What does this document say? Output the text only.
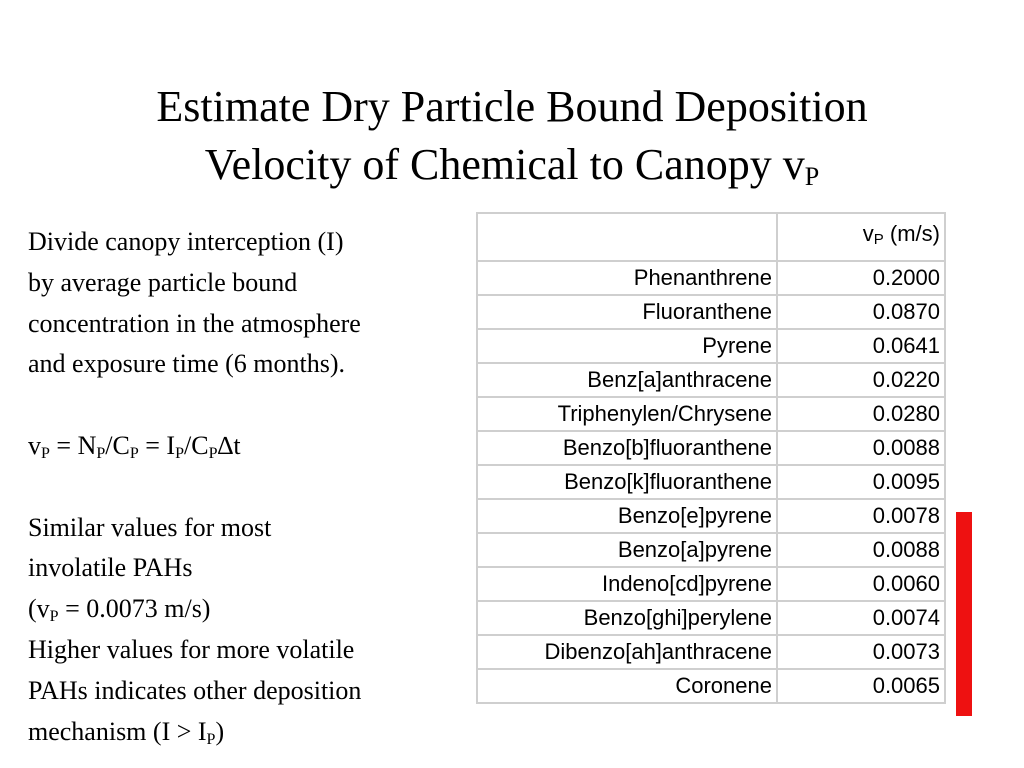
Estimate Dry Particle Bound Deposition
Velocity of Chemical to Canopy $v_P$

Divide canopy interception (I)

by average particle bound

concentration in the atmosphere

and exposure time (6 months).

$v_P = N_P/C_P = I_P/C_P\Delta t$

Similar values for most

involatile PAHs

($v_P = 0.0073$ m/s)

Higher values for more volatile

PAHs indicates other deposition

mechanism $(I > I_P)$

	$v_P$ (m/s)
Phenanthrene	0.2000
Fluoranthene	0.0870
Pyrene	0.0641
Benz[a]anthracene	0.0220
Triphenylen/Chrysene	0.0280
Benzo[b]fluoranthene	0.0088
Benzo[k]fluoranthene	0.0095
Benzo[e]pyrene	0.0078
Benzo[a]pyrene	0.0088
Indeno[cd]pyrene	0.0060
Benzo[ghi]perylene	0.0074
Dibenzo[ah]anthracene	0.0073
Coronene	0.0065
